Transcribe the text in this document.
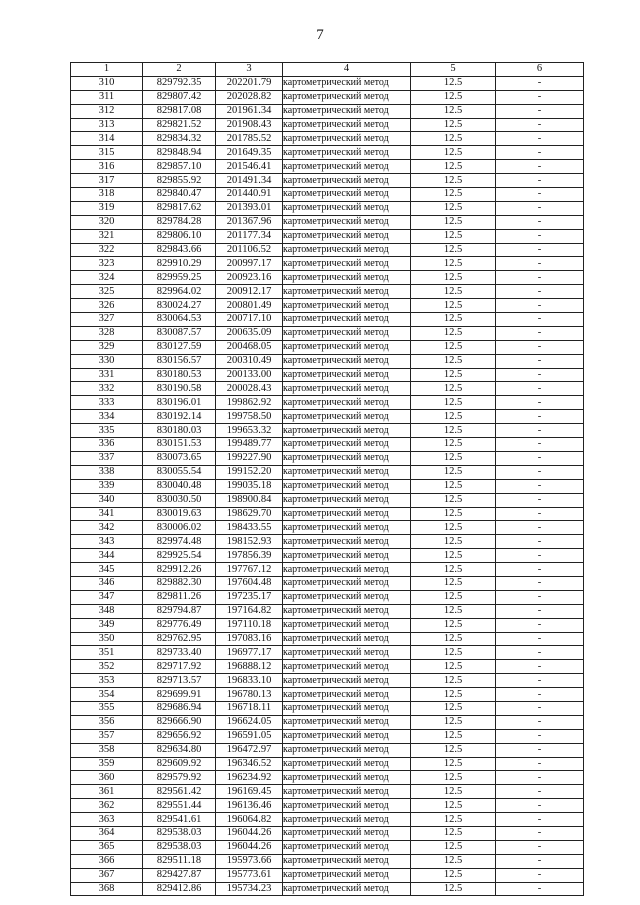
7
1	2	3	4	5	6
310	829792.35	202201.79	картометрический метод	12.5	-
311	829807.42	202028.82	картометрический метод	12.5	-
312	829817.08	201961.34	картометрический метод	12.5	-
313	829821.52	201908.43	картометрический метод	12.5	-
314	829834.32	201785.52	картометрический метод	12.5	-
315	829848.94	201649.35	картометрический метод	12.5	-
316	829857.10	201546.41	картометрический метод	12.5	-
317	829855.92	201491.34	картометрический метод	12.5	-
318	829840.47	201440.91	картометрический метод	12.5	-
319	829817.62	201393.01	картометрический метод	12.5	-
320	829784.28	201367.96	картометрический метод	12.5	-
321	829806.10	201177.34	картометрический метод	12.5	-
322	829843.66	201106.52	картометрический метод	12.5	-
323	829910.29	200997.17	картометрический метод	12.5	-
324	829959.25	200923.16	картометрический метод	12.5	-
325	829964.02	200912.17	картометрический метод	12.5	-
326	830024.27	200801.49	картометрический метод	12.5	-
327	830064.53	200717.10	картометрический метод	12.5	-
328	830087.57	200635.09	картометрический метод	12.5	-
329	830127.59	200468.05	картометрический метод	12.5	-
330	830156.57	200310.49	картометрический метод	12.5	-
331	830180.53	200133.00	картометрический метод	12.5	-
332	830190.58	200028.43	картометрический метод	12.5	-
333	830196.01	199862.92	картометрический метод	12.5	-
334	830192.14	199758.50	картометрический метод	12.5	-
335	830180.03	199653.32	картометрический метод	12.5	-
336	830151.53	199489.77	картометрический метод	12.5	-
337	830073.65	199227.90	картометрический метод	12.5	-
338	830055.54	199152.20	картометрический метод	12.5	-
339	830040.48	199035.18	картометрический метод	12.5	-
340	830030.50	198900.84	картометрический метод	12.5	-
341	830019.63	198629.70	картометрический метод	12.5	-
342	830006.02	198433.55	картометрический метод	12.5	-
343	829974.48	198152.93	картометрический метод	12.5	-
344	829925.54	197856.39	картометрический метод	12.5	-
345	829912.26	197767.12	картометрический метод	12.5	-
346	829882.30	197604.48	картометрический метод	12.5	-
347	829811.26	197235.17	картометрический метод	12.5	-
348	829794.87	197164.82	картометрический метод	12.5	-
349	829776.49	197110.18	картометрический метод	12.5	-
350	829762.95	197083.16	картометрический метод	12.5	-
351	829733.40	196977.17	картометрический метод	12.5	-
352	829717.92	196888.12	картометрический метод	12.5	-
353	829713.57	196833.10	картометрический метод	12.5	-
354	829699.91	196780.13	картометрический метод	12.5	-
355	829686.94	196718.11	картометрический метод	12.5	-
356	829666.90	196624.05	картометрический метод	12.5	-
357	829656.92	196591.05	картометрический метод	12.5	-
358	829634.80	196472.97	картометрический метод	12.5	-
359	829609.92	196346.52	картометрический метод	12.5	-
360	829579.92	196234.92	картометрический метод	12.5	-
361	829561.42	196169.45	картометрический метод	12.5	-
362	829551.44	196136.46	картометрический метод	12.5	-
363	829541.61	196064.82	картометрический метод	12.5	-
364	829538.03	196044.26	картометрический метод	12.5	-
365	829538.03	196044.26	картометрический метод	12.5	-
366	829511.18	195973.66	картометрический метод	12.5	-
367	829427.87	195773.61	картометрический метод	12.5	-
368	829412.86	195734.23	картометрический метод	12.5	-
